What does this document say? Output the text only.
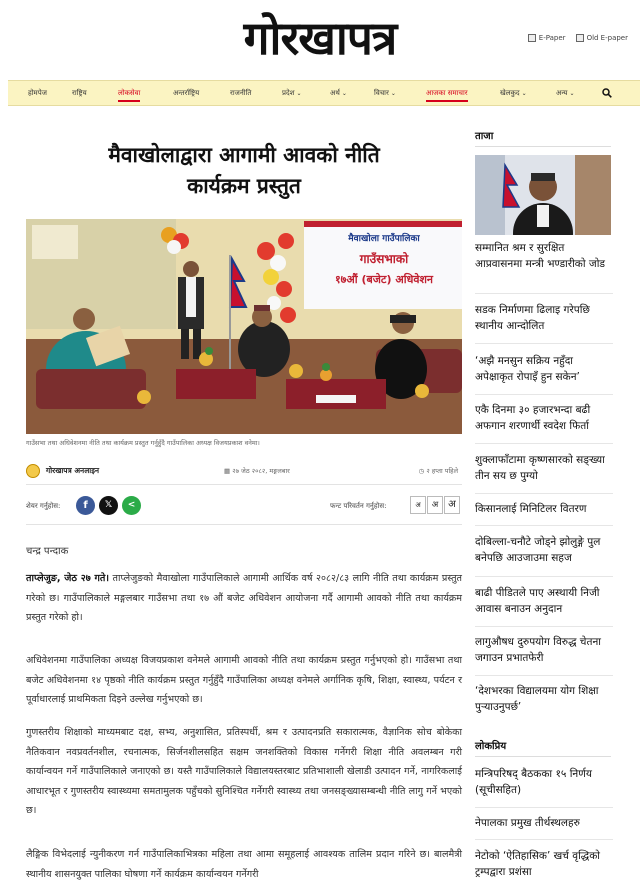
गोरखापत्र	E-Paper	Old E-paper
होमपेज	राष्ट्रिय	लोकसेवा	अन्तर्राष्ट्रिय	राजनीति	प्रदेश ⌄	अर्थ ⌄	विचार ⌄	आजका समाचार	खेलकुद ⌄	अन्य ⌄
मैवाखोलाद्वारा आगामी आवको नीति
कार्यक्रम प्रस्तुत
मैवाखोला गाउँपालिका
गाउँसभाको
१७औं (बजेट) अधिवेशन
गाउँसभा तथा अधिवेशनमा नीति तथा कार्यक्रम प्रस्तुत गर्नुहुँदै गाउँपालिका अध्यक्ष विजयप्रकाश वनेमा।
गोरखापत्र अनलाइन	▦ २७ जेठ २०८२, मङ्गलबार	◷ २ हप्ता पहिले
शेयर गर्नुहोस:	f	𝕏	<	फन्ट परिवर्तन गर्नुहोस:	अ	अ अ
चन्द्र पन्दाक

ताप्लेजुङ, जेठ २७ गते। ताप्लेजुङको मैवाखोला गाउँपालिकाले आगामी आर्थिक वर्ष २०८२/८३ लागि नीति तथा कार्यक्रम प्रस्तुत गरेको छ। गाउँपालिकाले मङ्गलबार गाउँसभा तथा १७ औं बजेट अधिवेशन आयोजना गर्दै आगामी आवको नीति तथा कार्यक्रम प्रस्तुत गरेको हो।

अधिवेशनमा गाउँपालिका अध्यक्ष विजयप्रकाश वनेमले आगामी आवको नीति तथा कार्यक्रम प्रस्तुत गर्नुभएको हो। गाउँसभा तथा बजेट अधिवेशनमा १४ पृष्ठको नीति कार्यक्रम प्रस्तुत गर्नुहुँदै गाउँपालिका अध्यक्ष वनेमले अर्गानिक कृषि, शिक्षा, स्वास्थ्य, पर्यटन र पूर्वाधारलाई प्राथमिकता दिइने उल्लेख गर्नुभएको छ।

गुणस्तरीय शिक्षाको माध्यमबाट दक्ष, सभ्य, अनुशासित, प्रतिस्पर्धी, श्रम र उत्पादनप्रति सकारात्मक, वैज्ञानिक सोच बोकेका नैतिकवान नवप्रवर्तनशील, रचनात्मक, सिर्जनशीलसहित सक्षम जनशक्तिको विकास गर्नेगरी शिक्षा नीति अवलम्बन गरी कार्यान्वयन गर्ने गाउँपालिकाले जनाएको छ। यस्तै गाउँपालिकाले विद्यालयस्तरबाट प्रतिभाशाली खेलाडी उत्पादन गर्ने, नागरिकलाई आधारभूत र गुणस्तरीय स्वास्थ्यमा समतामुलक पहुँचको सुनिश्चित गर्नेगरी स्वास्थ्य तथा जनसङ्ख्यासम्बन्धी नीति लागु गर्ने भएको छ।

लैङ्गिक विभेदलाई न्युनीकरण गर्न गाउँपालिकाभित्रका महिला तथा आमा समूहलाई आवश्यक तालिम प्रदान गरिने छ। बालमैत्री स्थानीय शासनयुक्त पालिका घोषणा गर्ने कार्यक्रम कार्यान्वयन गर्नेगरी

ताजा
सम्मानित श्रम र सुरक्षित आप्रवासनमा मन्त्री भण्डारीको जोड
सडक निर्माणमा ढिलाइ गरेपछि स्थानीय आन्दोलित
‘अझै मनसुन सक्रिय नहुँदा अपेक्षाकृत रोपाइँ हुन सकेन’
एकै दिनमा ३० हजारभन्दा बढी अफगान शरणार्थी स्वदेश फिर्ता
शुक्लाफाँटामा कृष्णसारको सङ्ख्या तीन सय छ पुग्यो
किसानलाई मिनिटिलर वितरण
दोबिल्ला-चनौटे जोड्ने झोलुङ्गे पुल बनेपछि आउजाउमा सहज
बाढी पीडितले पाए अस्थायी निजी आवास बनाउन अनुदान
लागुऔषध दुरुपयोग विरुद्ध चेतना जगाउन प्रभातफेरी
‘देशभरका विद्यालयमा योग शिक्षा पुऱ्याउनुपर्छ’
लोकप्रिय
मन्त्रिपरिषद् बैठकका १५ निर्णय (सूचीसहित)
नेपालका प्रमुख तीर्थस्थलहरु
नेटोको ‘ऐतिहासिक’ खर्च वृद्धिको ट्रम्पद्वारा प्रशंसा
